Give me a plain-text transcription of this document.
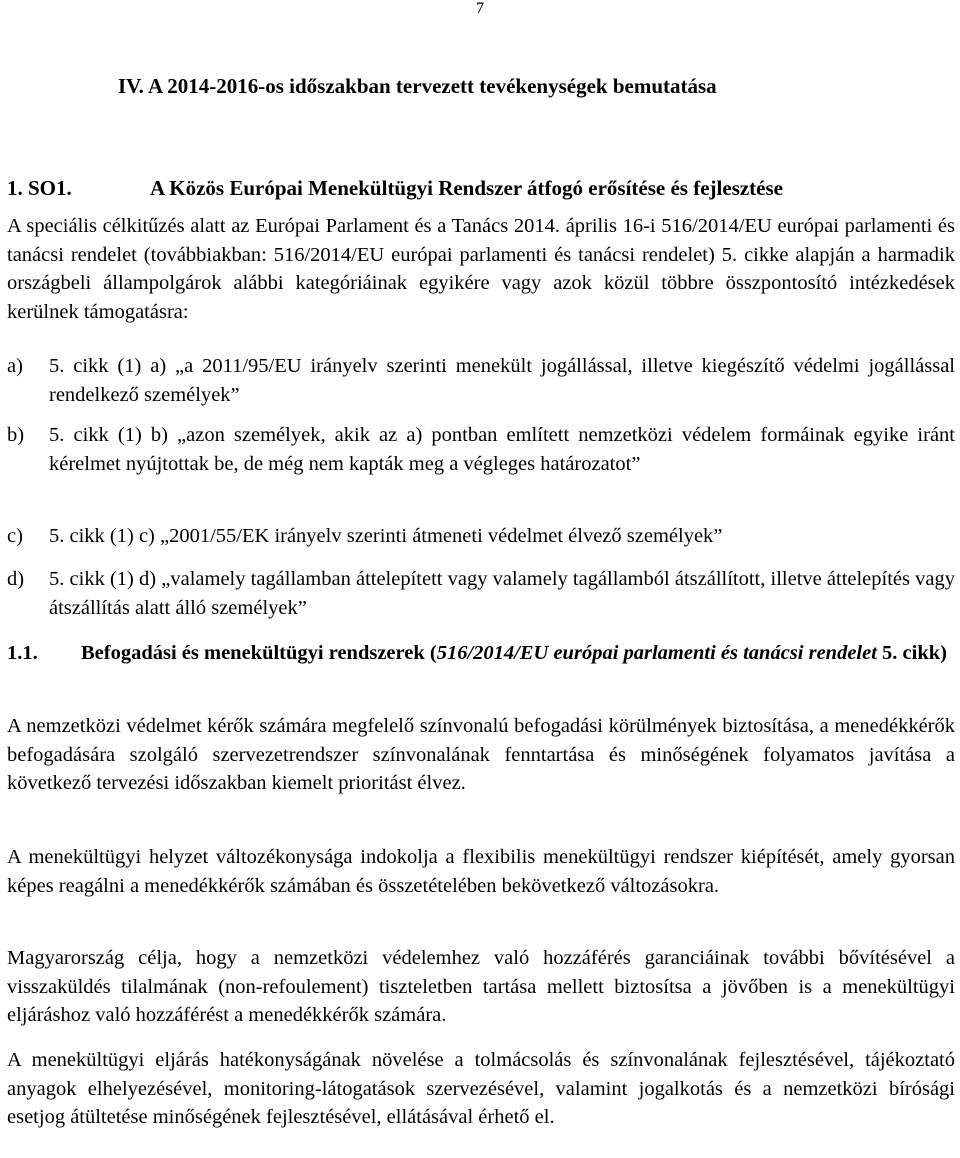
7
IV. A 2014-2016-os időszakban tervezett tevékenységek bemutatása
1. SO1.	A Közös Európai Menekültügyi Rendszer átfogó erősítése és fejlesztése
A speciális célkitűzés alatt az Európai Parlament és a Tanács 2014. április 16-i 516/2014/EU európai parlamenti és tanácsi rendelet (továbbiakban: 516/2014/EU európai parlamenti és tanácsi rendelet) 5. cikke alapján a harmadik országbeli állampolgárok alábbi kategóriáinak egyikére vagy azok közül többre összpontosító intézkedések kerülnek támogatásra:
a) 5. cikk (1) a) „a 2011/95/EU irányelv szerinti menekült jogállással, illetve kiegészítő védelmi jogállással rendelkező személyek”
b) 5. cikk (1) b) „azon személyek, akik az a) pontban említett nemzetközi védelem formáinak egyike iránt kérelmet nyújtottak be, de még nem kapták meg a végleges határozatot”
c) 5. cikk (1) c) „2001/55/EK irányelv szerinti átmeneti védelmet élvező személyek”
d) 5. cikk (1) d) „valamely tagállamban áttelepített vagy valamely tagállamból átszállított, illetve áttelepítés vagy átszállítás alatt álló személyek”
1.1. Befogadási és menekültügyi rendszerek (516/2014/EU európai parlamenti és tanácsi rendelet 5. cikk)
A nemzetközi védelmet kérők számára megfelelő színvonalú befogadási körülmények biztosítása, a menedékkérők befogadására szolgáló szervezetrendszer színvonalának fenntartása és minőségének folyamatos javítása a következő tervezési időszakban kiemelt prioritást élvez.
A menekültügyi helyzet változékonysága indokolja a flexibilis menekültügyi rendszer kiépítését, amely gyorsan képes reagálni a menedékkérők számában és összetételében bekövetkező változásokra.
Magyarország célja, hogy a nemzetközi védelemhez való hozzáférés garanciáinak további bővítésével a visszaküldés tilalmának (non-refoulement) tiszteletben tartása mellett biztosítsa a jövőben is a menekültügyi eljáráshoz való hozzáférést a menedékkérők számára.
A menekültügyi eljárás hatékonyságának növelése a tolmácsolás és színvonalának fejlesztésével, tájékoztató anyagok elhelyezésével, monitoring-látogatások szervezésével, valamint jogalkotás és a nemzetközi bírósági esetjog átültetése minőségének fejlesztésével, ellátásával érhető el.
